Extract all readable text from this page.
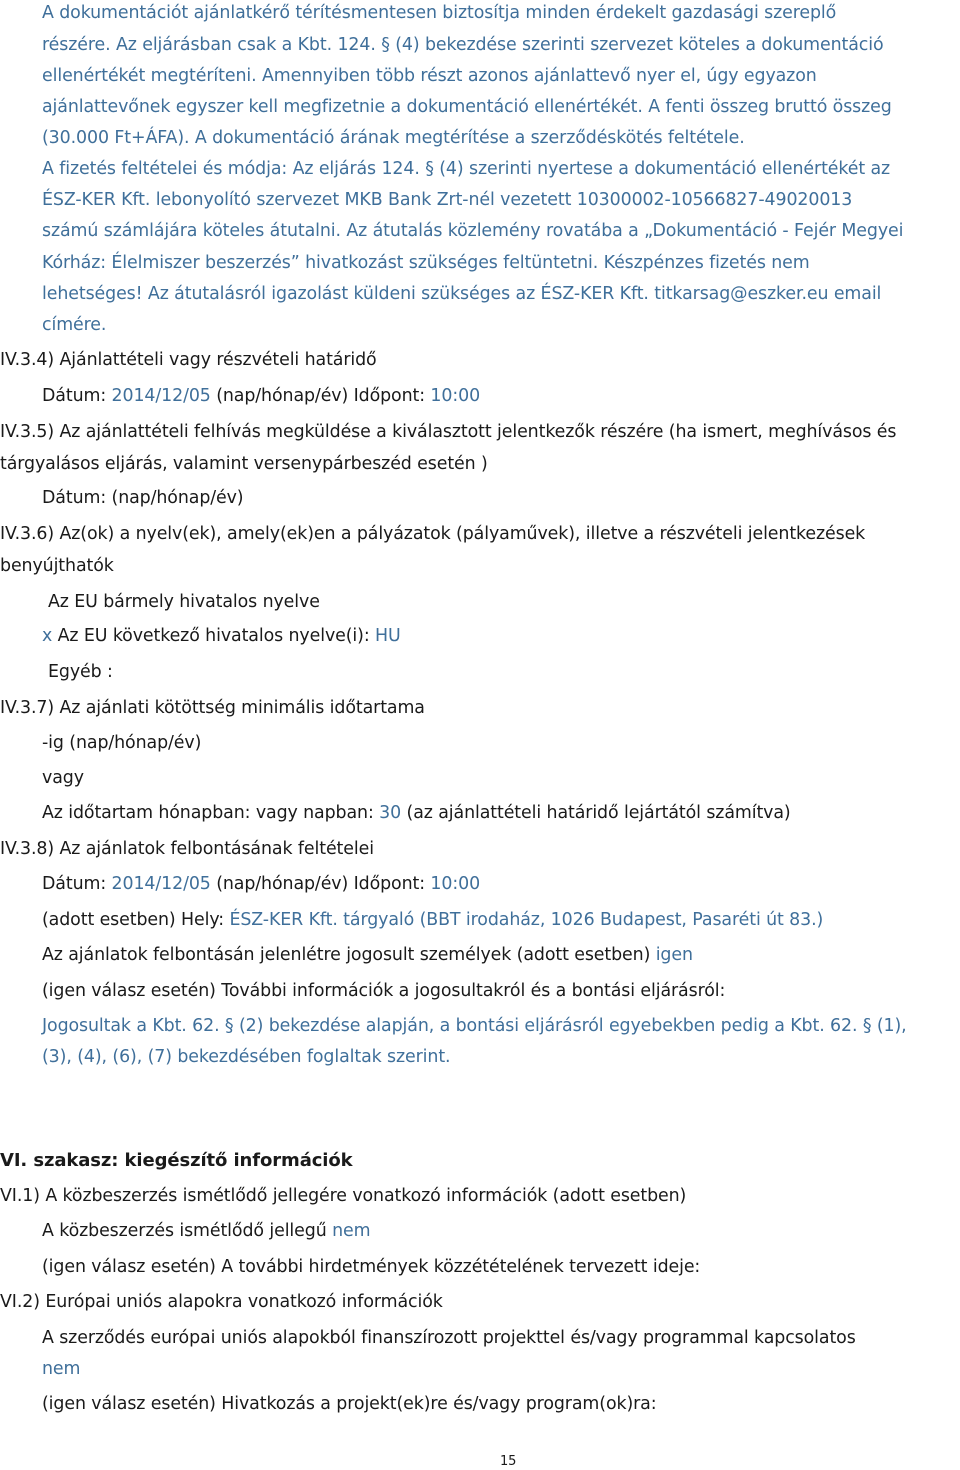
A dokumentációt ajánlatkérő térítésmentesen biztosítja minden érdekelt gazdasági szereplő
részére. Az eljárásban csak a Kbt. 124. § (4) bekezdése szerinti szervezet köteles a dokumentáció
ellenértékét megtéríteni. Amennyiben több részt azonos ajánlattevő nyer el, úgy egyazon
ajánlattevőnek egyszer kell megfizetnie a dokumentáció ellenértékét. A fenti összeg bruttó összeg
(30.000 Ft+ÁFA). A dokumentáció árának megtérítése a szerződéskötés feltétele.
A fizetés feltételei és módja: Az eljárás 124. § (4) szerinti nyertese a dokumentáció ellenértékét az
ÉSZ-KER Kft. lebonyolító szervezet MKB Bank Zrt-nél vezetett 10300002-10566827-49020013
számú számlájára köteles átutalni. Az átutalás közlemény rovatába a „Dokumentáció - Fejér Megyei
Kórház: Élelmiszer beszerzés” hivatkozást szükséges feltüntetni. Készpénzes fizetés nem
lehetséges! Az átutalásról igazolást küldeni szükséges az ÉSZ-KER Kft. titkarsag@eszker.eu email
címére.
IV.3.4) Ajánlattételi vagy részvételi határidő
Dátum: 2014/12/05 (nap/hónap/év) Időpont: 10:00
IV.3.5) Az ajánlattételi felhívás megküldése a kiválasztott jelentkezők részére (ha ismert, meghívásos és
tárgyalásos eljárás, valamint versenypárbeszéd esetén )
Dátum: (nap/hónap/év)
IV.3.6) Az(ok) a nyelv(ek), amely(ek)en a pályázatok (pályaművek), illetve a részvételi jelentkezések
benyújthatók
Az EU bármely hivatalos nyelve
x Az EU következő hivatalos nyelve(i): HU
Egyéb :
IV.3.7) Az ajánlati kötöttség minimális időtartama
-ig (nap/hónap/év)
vagy
Az időtartam hónapban: vagy napban: 30 (az ajánlattételi határidő lejártától számítva)
IV.3.8) Az ajánlatok felbontásának feltételei
Dátum: 2014/12/05 (nap/hónap/év) Időpont: 10:00
(adott esetben) Hely: ÉSZ-KER Kft. tárgyaló (BBT irodaház, 1026 Budapest, Pasaréti út 83.)
Az ajánlatok felbontásán jelenlétre jogosult személyek (adott esetben) igen
(igen válasz esetén) További információk a jogosultakról és a bontási eljárásról:
Jogosultak a Kbt. 62. § (2) bekezdése alapján, a bontási eljárásról egyebekben pedig a Kbt. 62. § (1),
(3), (4), (6), (7) bekezdésében foglaltak szerint.
VI. szakasz: kiegészítő információk
VI.1) A közbeszerzés ismétlődő jellegére vonatkozó információk (adott esetben)
A közbeszerzés ismétlődő jellegű nem
(igen válasz esetén) A további hirdetmények közzétételének tervezett ideje:
VI.2) Európai uniós alapokra vonatkozó információk
A szerződés európai uniós alapokból finanszírozott projekttel és/vagy programmal kapcsolatos
nem
(igen válasz esetén) Hivatkozás a projekt(ek)re és/vagy program(ok)ra:
15
